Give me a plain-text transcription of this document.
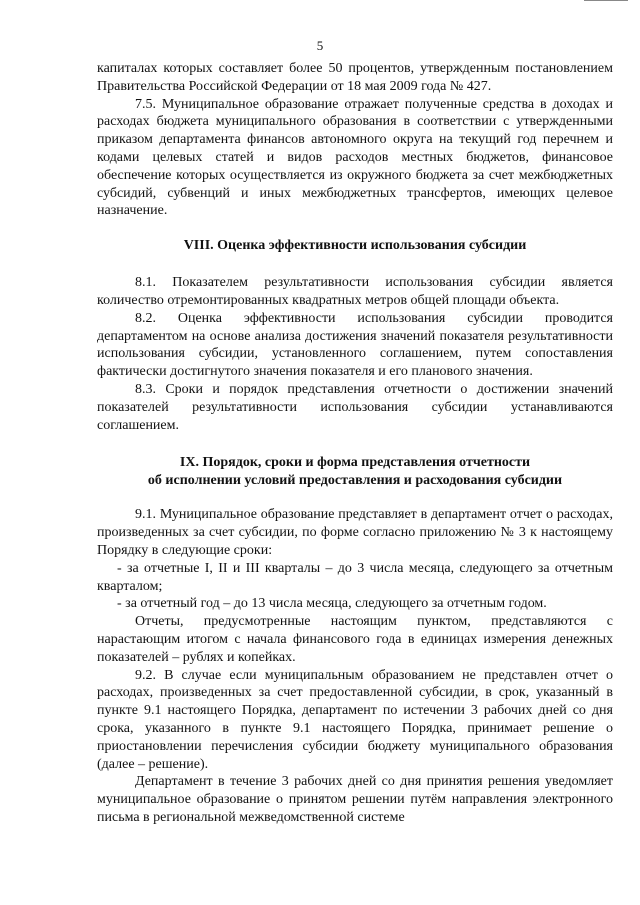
5

капиталах которых составляет более 50 процентов, утвержденным постановлением Правительства Российской Федерации от 18 мая 2009 года № 427.

7.5. Муниципальное образование отражает полученные средства в доходах и расходах бюджета муниципального образования в соответствии с утвержденными приказом департамента финансов автономного округа на текущий год перечнем и кодами целевых статей и видов расходов местных бюджетов, финансовое обеспечение которых осуществляется из окружного бюджета за счет межбюджетных субсидий, субвенций и иных межбюджетных трансфертов, имеющих целевое назначение.

VIII. Оценка эффективности использования субсидии

8.1. Показателем результативности использования субсидии является количество отремонтированных квадратных метров общей площади объекта.

8.2. Оценка эффективности использования субсидии проводится департаментом на основе анализа достижения значений показателя результативности использования субсидии, установленного соглашением, путем сопоставления фактически достигнутого значения показателя и его планового значения.

8.3. Сроки и порядок представления отчетности о достижении значений показателей результативности использования субсидии устанавливаются соглашением.

IX. Порядок, сроки и форма представления отчетности
об исполнении условий предоставления и расходования субсидии

9.1. Муниципальное образование представляет в департамент отчет о расходах, произведенных за счет субсидии, по форме согласно приложению № 3 к настоящему Порядку в следующие сроки:

- за отчетные I, II и III кварталы – до 3 числа месяца, следующего за отчетным кварталом;

- за отчетный год – до 13 числа месяца, следующего за отчетным годом.

Отчеты, предусмотренные настоящим пунктом, представляются с нарастающим итогом с начала финансового года в единицах измерения денежных показателей – рублях и копейках.

9.2. В случае если муниципальным образованием не представлен отчет о расходах, произведенных за счет предоставленной субсидии, в срок, указанный в пункте 9.1 настоящего Порядка, департамент по истечении 3 рабочих дней со дня срока, указанного в пункте 9.1 настоящего Порядка, принимает решение о приостановлении перечисления субсидии бюджету муниципального образования (далее – решение).

Департамент в течение 3 рабочих дней со дня принятия решения уведомляет муниципальное образование о принятом решении путём направления электронного письма в региональной межведомственной системе
